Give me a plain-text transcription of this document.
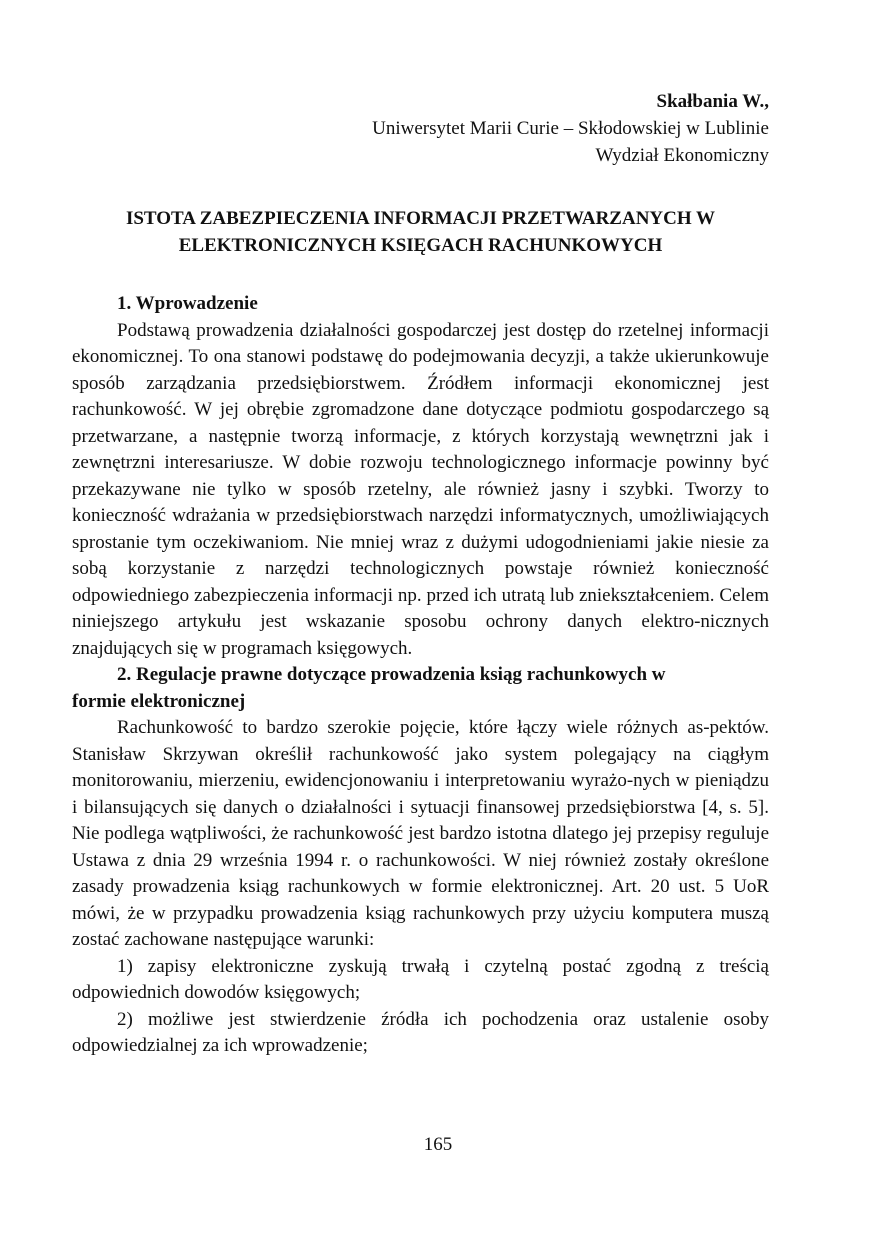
Skałbania W.,
Uniwersytet Marii Curie – Skłodowskiej w Lublinie
Wydział Ekonomiczny
ISTOTA ZABEZPIECZENIA INFORMACJI PRZETWARZANYCH W
ELEKTRONICZNYCH KSIĘGACH RACHUNKOWYCH
1. Wprowadzenie

Podstawą prowadzenia działalności gospodarczej jest dostęp do rzetelnej informacji ekonomicznej. To ona stanowi podstawę do podejmowania decyzji, a także ukierunkowuje sposób zarządzania przedsiębiorstwem. Źródłem informacji ekonomicznej jest rachunkowość. W jej obrębie zgromadzone dane dotyczące podmiotu gospodarczego są przetwarzane, a następnie tworzą informacje, z których korzystają wewnętrzni jak i zewnętrzni interesariusze. W dobie rozwoju technologicznego informacje powinny być przekazywane nie tylko w sposób rzetelny, ale również jasny i szybki. Tworzy to konieczność wdrażania w przedsiębiorstwach narzędzi informatycznych, umożliwiających sprostanie tym oczekiwaniom. Nie mniej wraz z dużymi udogodnieniami jakie niesie za sobą korzystanie z narzędzi technologicznych powstaje również konieczność odpowiedniego zabezpieczenia informacji np. przed ich utratą lub zniekształceniem. Celem niniejszego artykułu jest wskazanie sposobu ochrony danych elektro-nicznych znajdujących się w programach księgowych.

2. Regulacje prawne dotyczące prowadzenia ksiąg rachunkowych w
formie elektronicznej

Rachunkowość to bardzo szerokie pojęcie, które łączy wiele różnych as-pektów. Stanisław Skrzywan określił rachunkowość jako system polegający na ciągłym monitorowaniu, mierzeniu, ewidencjonowaniu i interpretowaniu wyrażo-nych w pieniądzu i bilansujących się danych o działalności i sytuacji finansowej przedsiębiorstwa [4, s. 5]. Nie podlega wątpliwości, że rachunkowość jest bardzo istotna dlatego jej przepisy reguluje Ustawa z dnia 29 września 1994 r. o rachunkowości. W niej również zostały określone zasady prowadzenia ksiąg rachunkowych w formie elektronicznej. Art. 20 ust. 5 UoR mówi, że w przypadku prowadzenia ksiąg rachunkowych przy użyciu komputera muszą zostać zachowane następujące warunki:

1) zapisy elektroniczne zyskują trwałą i czytelną postać zgodną z treścią odpowiednich dowodów księgowych;

2) możliwe jest stwierdzenie źródła ich pochodzenia oraz ustalenie osoby odpowiedzialnej za ich wprowadzenie;

165
